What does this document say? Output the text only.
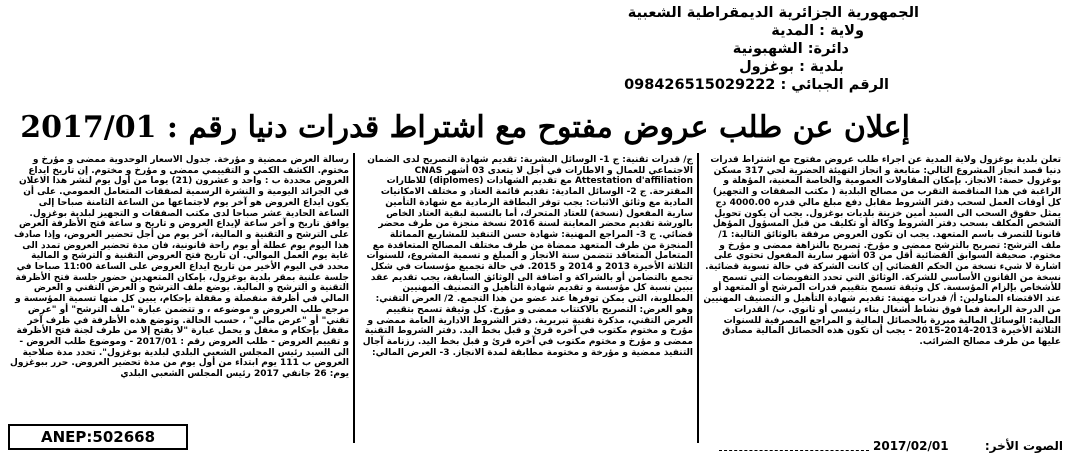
الجمهورية الجزائرية الديمقراطية الشعبية
ولاية : المدية
دائرة: الشهبونية
بلدية : بوغزول
الرقم الجبائي : 098426515029222
إعلان عن طلب عروض مفتوح مع اشتراط قدرات دنيا رقم : 2017/01

تعلن بلدية بوغزول ولاية المدية عن اجراء طلب عروض مفتوح مع اشتراط قدرات دنيا قصد انجاز المشروع التالي: متابعة و انجاز التهيئة الحضرية لحي 317 مسكن بوغزول حصة: الانجاز. بإمكان المقاولات العمومية والخاصة المعنية، المؤهلة و الراغبة في هذا المناقصة التقرب من مصالح البلدية ( مكتب الصفقات و التجهيز) كل أوقات العمل لسحب دفتر الشروط مقابل دفع مبلغ مالي قدره 4000.00 دج يمثل حقوق السحب الى السيد أمين خزينة بلديات بوغزول. يجب أن يكون تحويل الشخص المكلف بسحب دفتر الشروط وكالة أو تكليف من قبل المسؤول المؤهل قانونا للتصرف باسم المتعهد. يجب ان تكون العروض مرفقة بالوثائق التالية: 1/ ملف الترشح: تصريح بالترشح ممضى و مؤرخ. تصريح بالنزاهة ممضى و مؤرخ و مختوم. صحيفة السوابق القضائية أقل من 03 أشهر سارية المفعول تحتوي على اشارة لا شيء نسخة من الحكم القضائي إن كانت الشركة في حالة تسوية قضائية. نسخة من القانون الأساسي للشركة. الوثائق التي تحدد التفويضات التي تسمح للأشخاص بإلزام المؤسسة. كل وثيقة تسمح بتقييم قدرات المرشح أو المتعهد أو عند الاقتضاء المناولين: أ/ قدرات مهنية: تقديم شهادة التأهيل و التصنيف المهنيين من الدرجة الرابعة فما فوق نشاط أشغال بناء رئيسي أو ثانوي. ب/ القدرات المالية: الوسائل المالية مبررة بالحصائل المالية و المراجع المصرفية للسنوات الثلاثة الأخيرة 2013-2014-2015 - يجب أن تكون هذه الحصائل المالية مصادق عليها من طرف مصالح الضرائب.

ج/ قدرات تقنية: ج 1- الوسائل البشرية: تقديم شهادة التصريح لدى الضمان الاجتماعي للعمال و الاطارات في أجل لا يتعدى 03 أشهر CNAS Attestation d'affiliation مع تقديم الشهادات (diplomes) للاطارات المقترحة. ج 2- الوسائل المادية: تقديم قائمة العتاد و مختلف الامكانيات المادية مع وثائق الاثبات: يجب توفر البطاقة الرمادية مع شهادة التأمين سارية المفعول (نسخة) للعتاد المتحرك، أما بالنسبة لبقية العتاد الخاص بالورشة تقديم محضر المعاينة لسنة 2016 نسخة منجزة من طرف محضر قضائي. ج 3- المراجع المهنية: شهادة حسن التنفيذ للمشاريع المماثلة المنجزة من طرف المتعهد ممضاة من طرف مختلف المصالح المتعاقدة مع المتعامل المتعاقد تتضمن سنة الانجاز و المبلغ و تسمية المشروع، للسنوات الثلاثة الأخيرة 2013 و 2014 و 2015. في حالة تجميع مؤسسات في شكل تجمع بالتضامن أو بالشراكة و اضافة الى الوثائق السابقة، يجب تقديم عقد يبين نسبة كل مؤسسة و تقديم شهادة التأهيل و التصنيف المهنيين المطلوبة، التي يمكن توفرها عند عضو من هذا التجمع. 2/ العرض التقني: وهو العرض: التصريح بالاكتتاب ممضى و مؤرخ. كل وثيقة تسمح بتقييم العرض التقني، مذكرة تقنية تبريرية. دفتر الشروط الادارية العامة ممضى و مؤرخ و مختوم مكتوب في آخره قرئ و قبل بخط اليد. دفتر الشروط التقنية ممضى و مؤرخ و مختوم مكتوب في آخره قرئ و قبل بخط اليد. رزنامة آجال التنفيذ ممضية و مؤرخة و مختومة مطابقة لمدة الانجاز. 3- العرض المالي:

رسالة العرض ممضية و مؤرخة. جدول الأسعار الوحدوية ممضى و مؤرخ و مختوم. الكشف الكمي و التقييمي ممضى و مؤرخ و مختوم. إن تاريخ ايداع العروض محددة ب : واحد و عشرون (21) يوما من أول يوم لنشر هذا الاعلان في الجرائد اليومية و النشرة الرسمية لصفقات المتعامل العمومي. على أن يكون ايداع العروض هو آخر يوم لاجتماعها من الساعة الثامنة صباحا إلى الساعة الحادية عشر صباحا لدى مكتب الصفقات و التجهيز لبلدية بوغزول. يوافق تاريخ و آخر ساعة لإيداع العروض و تاريخ و ساعة فتح الأظرفة العرض على الترشح و التقنية و المالية، آخر يوم من أجل تحضير العروض، وإذا صادف هذا اليوم يوم عطلة أو يوم راحة قانونية، فان مدة تحضير العروض تمدد الى غاية يوم العمل الموالي. ان تاريخ فتح العروض التقنية و الترشح و المالية محدد في اليوم الأخير من تاريخ ايداع العروض على الساعة 11:00 صباحا في جلسة علنية بمقر بلدية بوغزول، بإمكان المتعهدين حضور جلسة فتح الأظرفة التقنية و الترشح و المالية. يوضع ملف الترشح و العرض التقني و العرض المالي في أظرفة منفصلة و مقفلة بإحكام، يبين كل منها تسمية المؤسسة و مرجع طلب العروض و موضوعه ، و تتضمن عبارة "ملف الترشح" أو "عرض تقني" أو "عرض مالي" ، حسب الحالة. وتوضع هذه الأظرفة في ظرف آخر مقفل بإحكام و مغفل و يحمل عبارة "لا يفتح إلا من طرف لجنة فتح الأظرفة و تقييم العروض - طلب العروض رقم : 2017/01 - وموضوع طلب العروض - الى السيد رئيس المجلس الشعبي البلدي لبلدية بوغزول". تحدد مدة صلاحية العروض ب 111 يوم ابتداء من أول يوم من مدة تحضير العروض. حرر ببوغزول يوم: 26 جانفي 2017 رئيس المجلس الشعبي البلدي

الصوت الأخر:
2017/02/01
ANEP:502668
